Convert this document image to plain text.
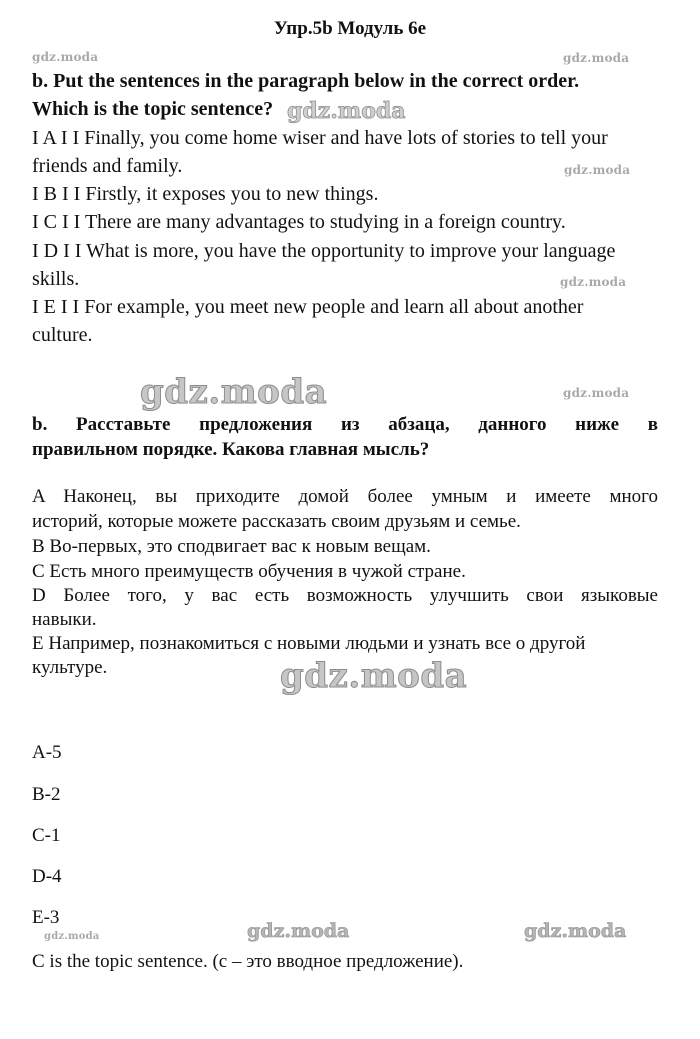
Упр.5b Модуль 6e
gdz.moda	gdz.moda
gdz.moda
gdz.moda
gdz.moda
gdz.moda	gdz.moda
gdz.moda
gdz.moda	gdz.moda
gdz.moda
b. Put the sentences in the paragraph below in the correct order.
Which is the topic sentence?
I A I I Finally, you come home wiser and have lots of stories to tell your
friends and family.
I B I I Firstly, it exposes you to new things.
I C I I There are many advantages to studying in a foreign country.
I D I I What is more, you have the opportunity to improve your language
skills.
I E I I For example, you meet new people and learn all about another
culture.
b. Расставьте предложения из абзаца, данного ниже в
правильном порядке. Какова главная мысль?
A Наконец, вы приходите домой более умным и имеете много
историй, которые можете рассказать своим друзьям и семье.
B Во-первых, это сподвигает вас к новым вещам.
C Есть много преимуществ обучения в чужой стране.
D Более того, у вас есть возможность улучшить свои языковые
навыки.
E Например, познакомиться с новыми людьми и узнать все о другой
культуре.
A-5
B-2
C-1
D-4
E-3
C is the topic sentence. (с – это вводное предложение).
